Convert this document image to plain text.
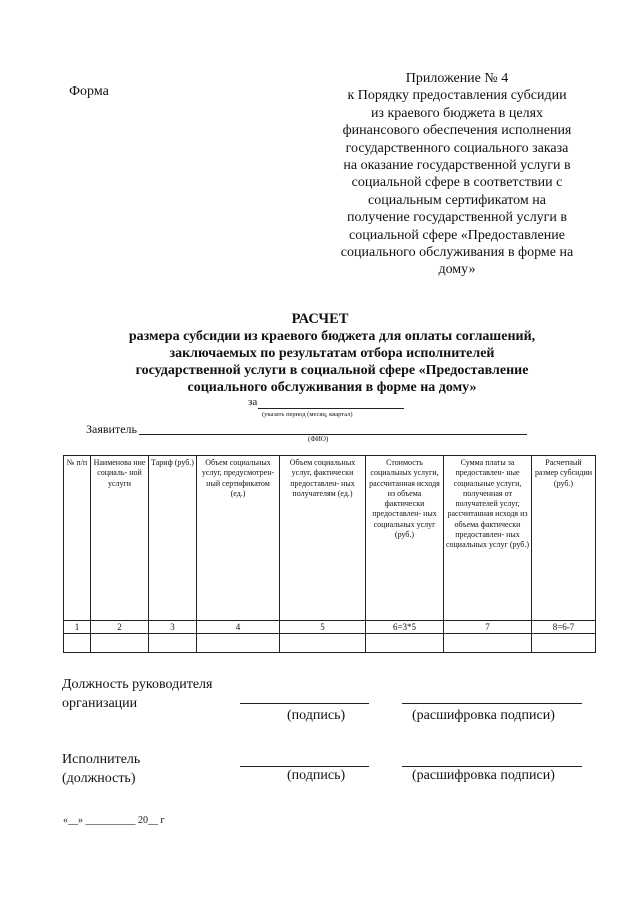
Форма
Приложение № 4
к Порядку предоставления субсидии
из краевого бюджета в целях
финансового обеспечения исполнения
государственного социального заказа
на оказание государственной услуги в
социальной сфере в соответствии с
социальным сертификатом на
получение государственной услуги в
социальной сфере «Предоставление
социального обслуживания в форме на
дому»
РАСЧЕТ
размера субсидии из краевого бюджета для оплаты соглашений,
заключаемых по результатам отбора исполнителей
государственной услуги в социальной сфере «Предоставление
социального обслуживания в форме на дому»
за
(указать период (месяц, квартал)
Заявитель
(ФИО)
№ п/п	Наименова ние социаль- ной услуги	Тариф (руб.)	Объем социальных услуг, предусмотрен- ный сертификатом (ед.)	Объем социальных услуг, фактически предоставлен- ных получателям (ед.)	Стоимость социальных услуги, рассчитанная исходя из объема фактически предоставлен- ных социальных услуг (руб.)	Сумма платы за предоставлен- ные социальные услуги, полученная от получателей услуг, рассчитанная исходя из объема фактически предоставлен- ных социальных услуг (руб.)	Расчетный размер субсидии (руб.)
1	2	3	4	5	6=3*5	7	8=6-7

Должность руководителя
организации
(подпись)	(расшифровка подписи)
Исполнитель
(должность)	(подпись)	(расшифровка подписи)
«__» __________ 20__ г
